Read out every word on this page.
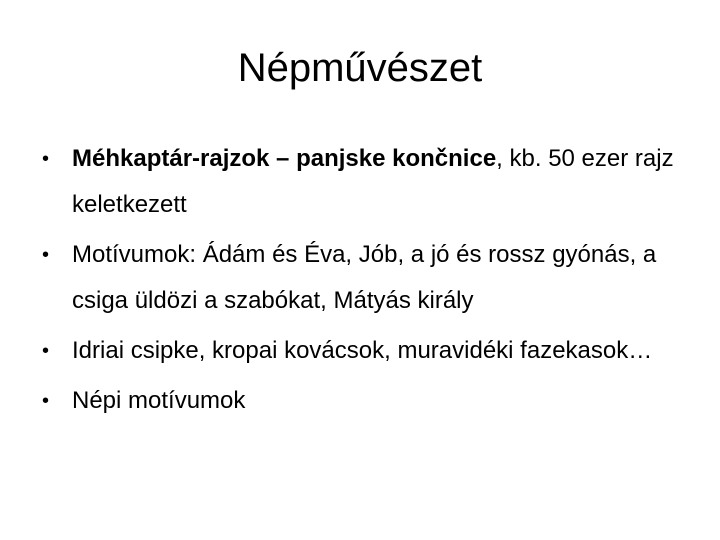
Népművészet
• Méhkaptár-rajzok – panjske končnice, kb. 50 ezer rajz keletkezett
• Motívumok: Ádám és Éva, Jób, a jó és rossz gyónás, a csiga üldözi a szabókat, Mátyás király
• Idriai csipke, kropai kovácsok, muravidéki fazekasok…
• Népi motívumok
